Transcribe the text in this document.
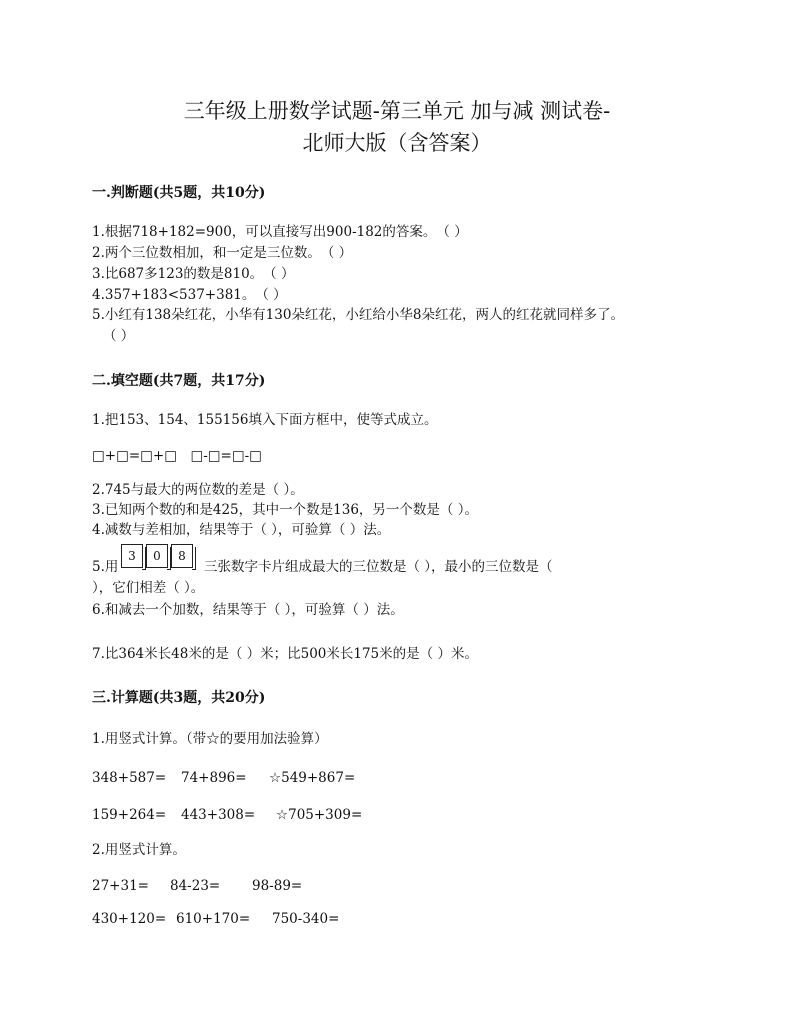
三年级上册数学试题-第三单元 加与减 测试卷-
北师大版（含答案）
一.判断题(共5题，共10分)
1.根据718+182=900，可以直接写出900-182的答案。　（ ）
2.两个三位数相加，和一定是三位数。　（ ）
3.比687多123的数是810。　（ ）
4.357+183<537+381。　（ ）
5.小红有138朵红花，小华有130朵红花，小红给小华8朵红花，两人的红花就同样多了。
（ ）
二.填空题(共7题，共17分)
1.把153、154、155156填入下面方框中，使等式成立。
□+□=□+□　□-□=□-□
2.745与最大的两位数的差是（ ）。
3.已知两个数的和是425，其中一个数是136，另一个数是（ ）。
4.减数与差相加，结果等于（ ），可验算（ ）法。
5.用
3	0	8
三张数字卡片组成最大的三位数是（ ），最小的三位数是（
），它们相差（ ）。
6.和减去一个加数，结果等于（ ），可验算（ ）法。
7.比364米长48米的是（ ）米；比500米长175米的是（ ）米。
三.计算题(共3题，共20分)
1.用竖式计算。（带☆的要用加法验算）
348+587= 74+896= ☆549+867=
159+264= 443+308= ☆705+309=
2.用竖式计算。
27+31= 84-23= 98-89=
430+120= 610+170= 750-340=
